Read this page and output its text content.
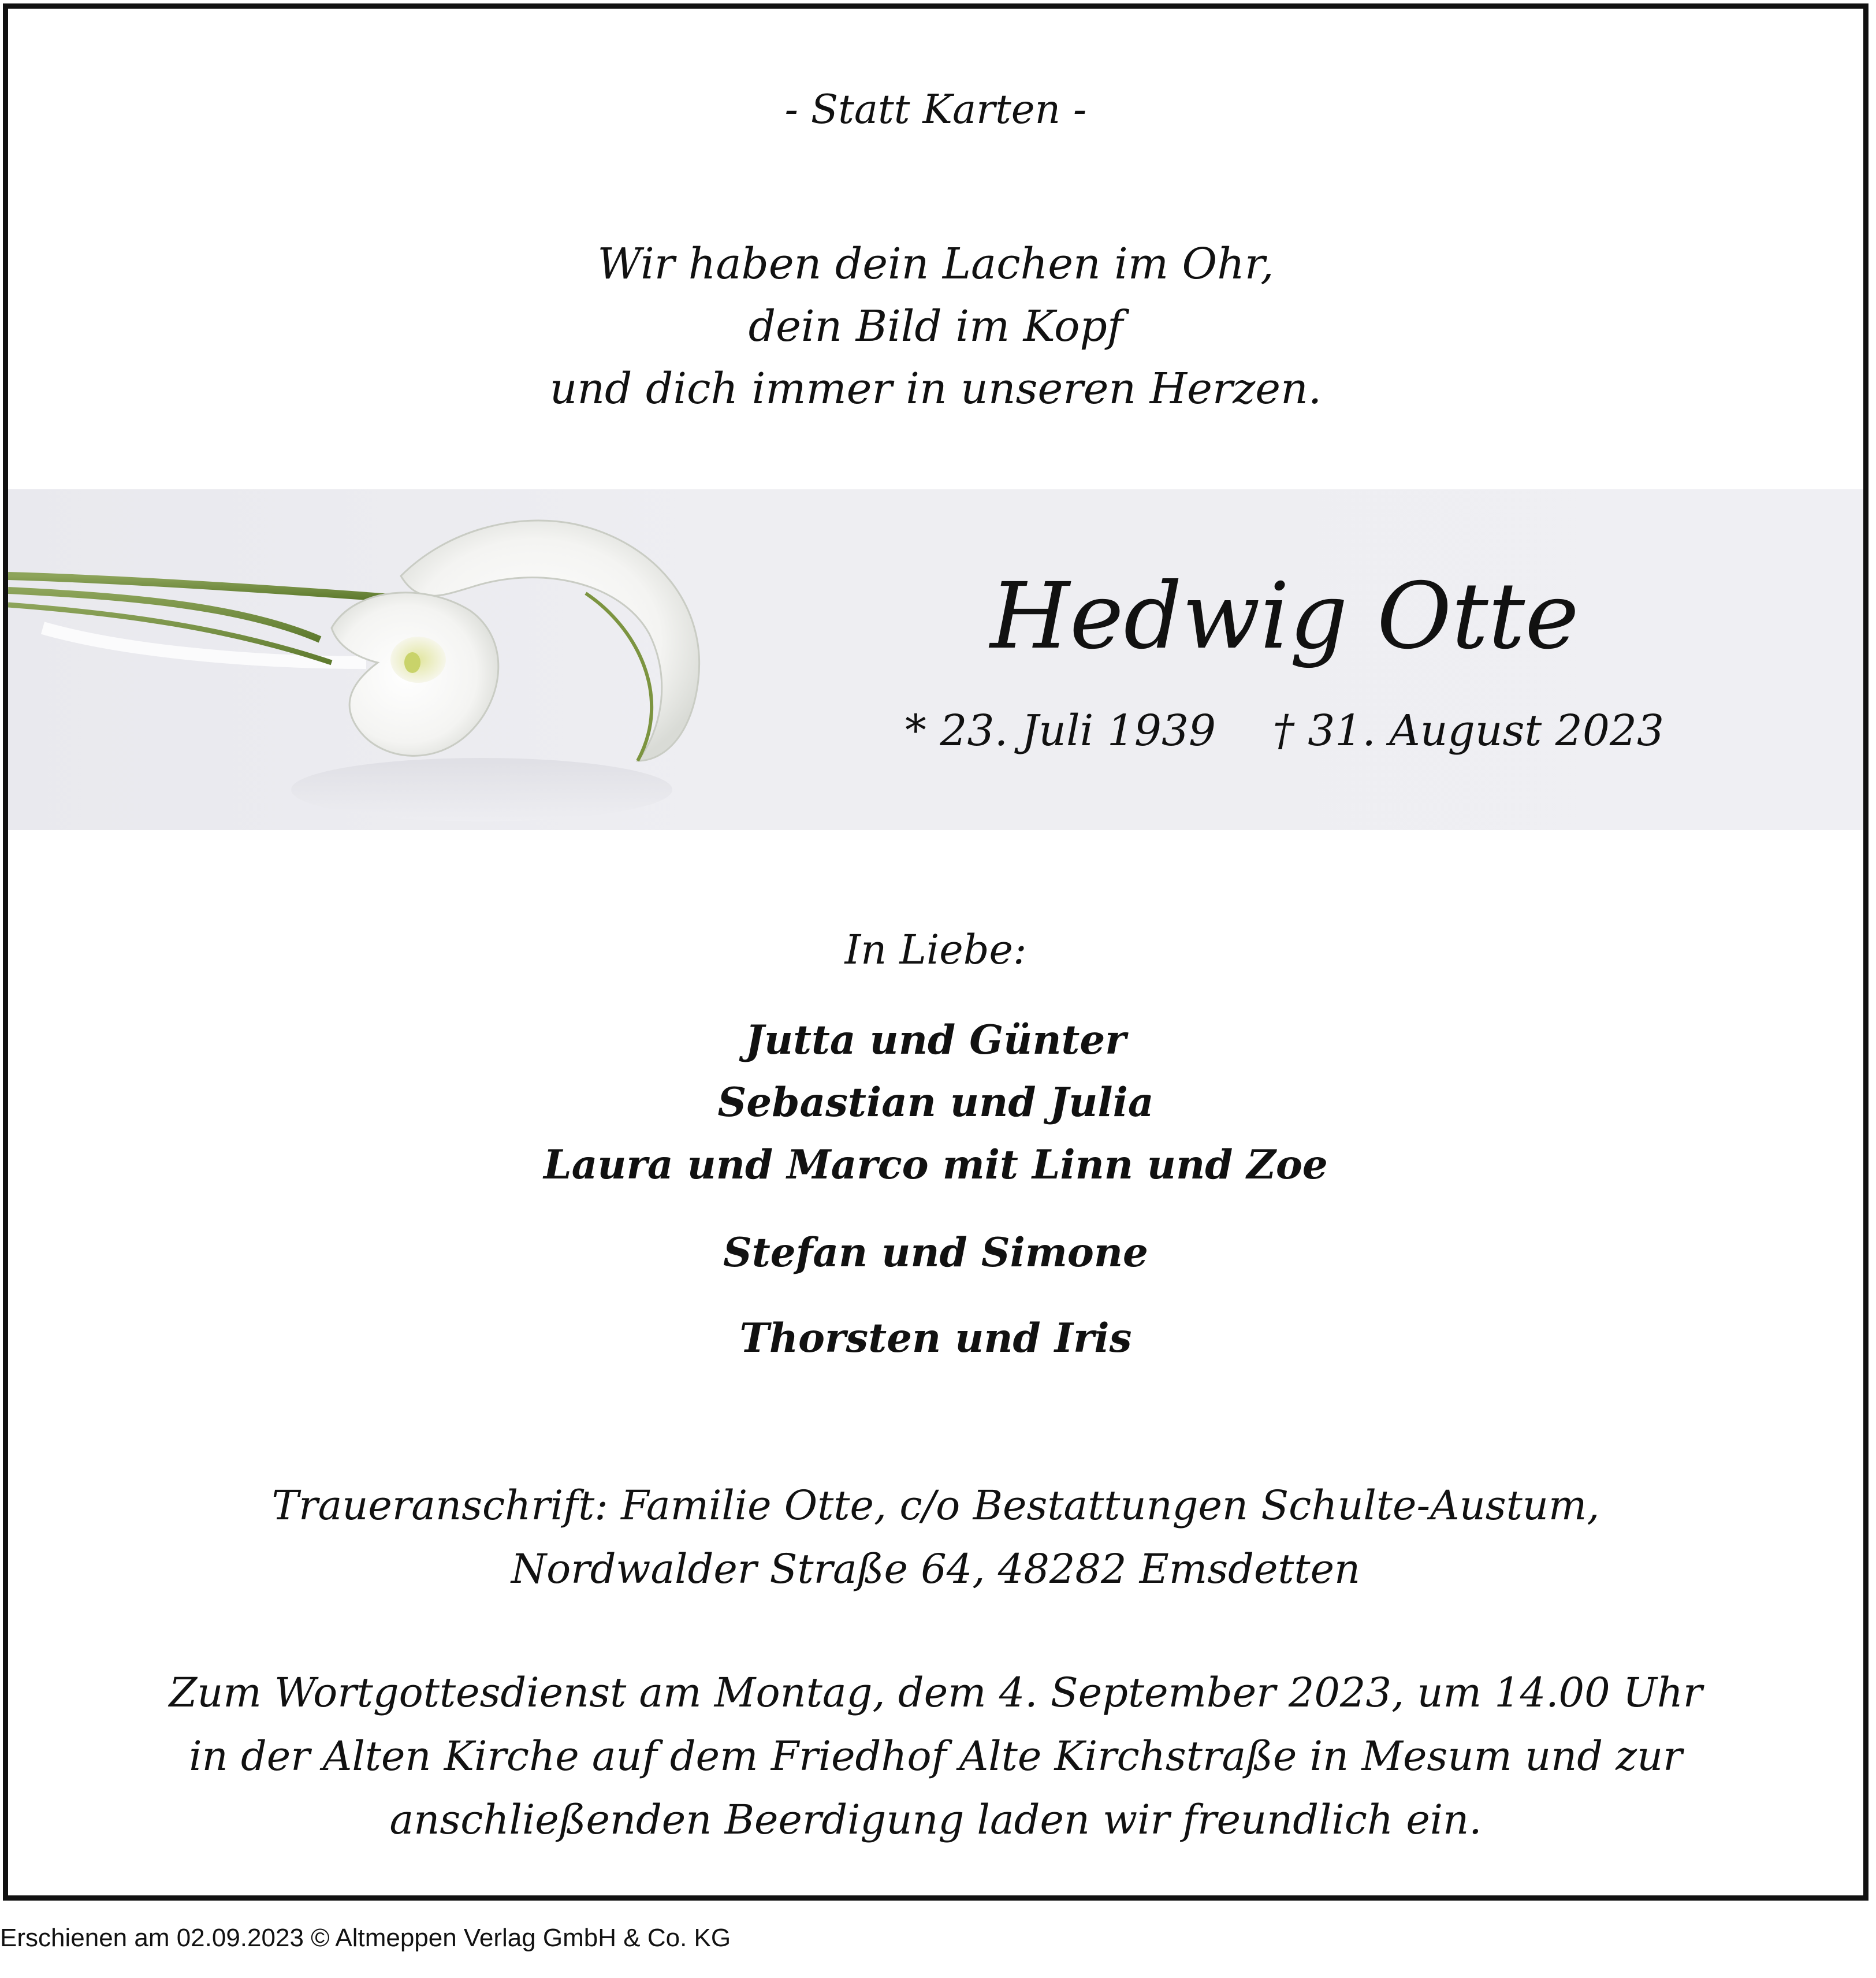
- Statt Karten -
Wir haben dein Lachen im Ohr,
dein Bild im Kopf
und dich immer in unseren Herzen.
Hedwig Otte
* 23. Juli 1939 † 31. August 2023
In Liebe:
Jutta und Günter
Sebastian und Julia
Laura und Marco mit Linn und Zoe
Stefan und Simone
Thorsten und Iris
Traueranschrift: Familie Otte, c/o Bestattungen Schulte-Austum,
Nordwalder Straße 64, 48282 Emsdetten
Zum Wortgottesdienst am Montag, dem 4. September 2023, um 14.00 Uhr
in der Alten Kirche auf dem Friedhof Alte Kirchstraße in Mesum und zur
anschließenden Beerdigung laden wir freundlich ein.
Erschienen am 02.09.2023 © Altmeppen Verlag GmbH & Co. KG
